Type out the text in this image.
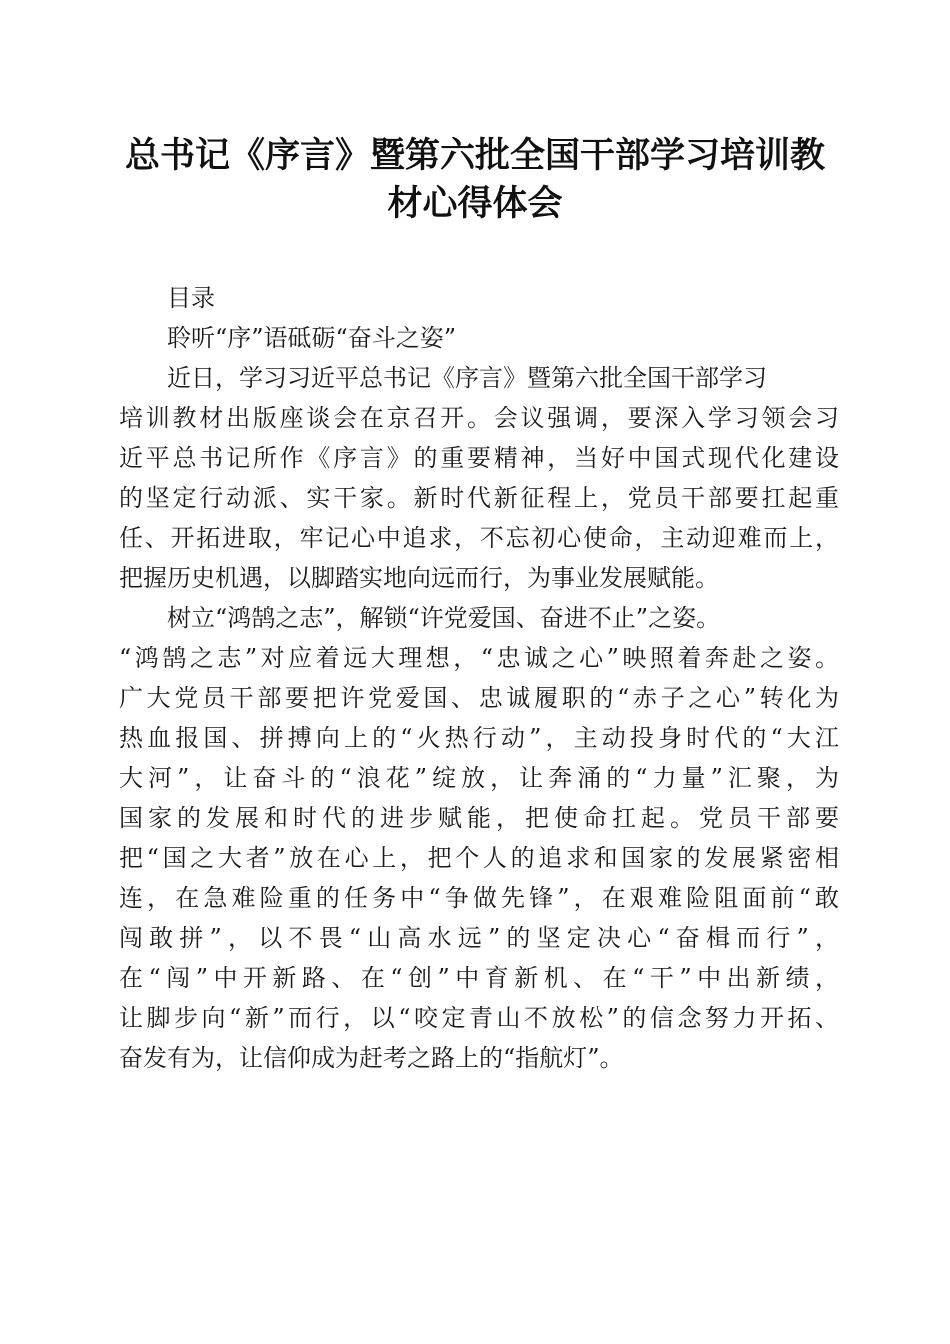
总书记《序言》暨第六批全国干部学习培训教
材心得体会
目录
聆听“序”语砥砺“奋斗之姿”
近日，学习习近平总书记《序言》暨第六批全国干部学习
培训教材出版座谈会在京召开。会议强调，要深入学习领会习
近平总书记所作《序言》的重要精神，当好中国式现代化建设
的坚定行动派、实干家。新时代新征程上，党员干部要扛起重
任、开拓进取，牢记心中追求，不忘初心使命，主动迎难而上，
把握历史机遇，以脚踏实地向远而行，为事业发展赋能。
树立“鸿鹄之志”，解锁“许党爱国、奋进不止”之姿。
“鸿鹄之志”对应着远大理想，“忠诚之心”映照着奔赴之姿。
广大党员干部要把许党爱国、忠诚履职的“赤子之心”转化为
热血报国、拼搏向上的“火热行动”，主动投身时代的“大江
大河”，让奋斗的“浪花”绽放，让奔涌的“力量”汇聚，为
国家的发展和时代的进步赋能，把使命扛起。党员干部要
把“国之大者”放在心上，把个人的追求和国家的发展紧密相
连，在急难险重的任务中“争做先锋”，在艰难险阻面前“敢
闯敢拼”，以不畏“山高水远”的坚定决心“奋楫而行”，
在“闯”中开新路、在“创”中育新机、在“干”中出新绩，
让脚步向“新”而行，以“咬定青山不放松”的信念努力开拓、
奋发有为，让信仰成为赶考之路上的“指航灯”。
